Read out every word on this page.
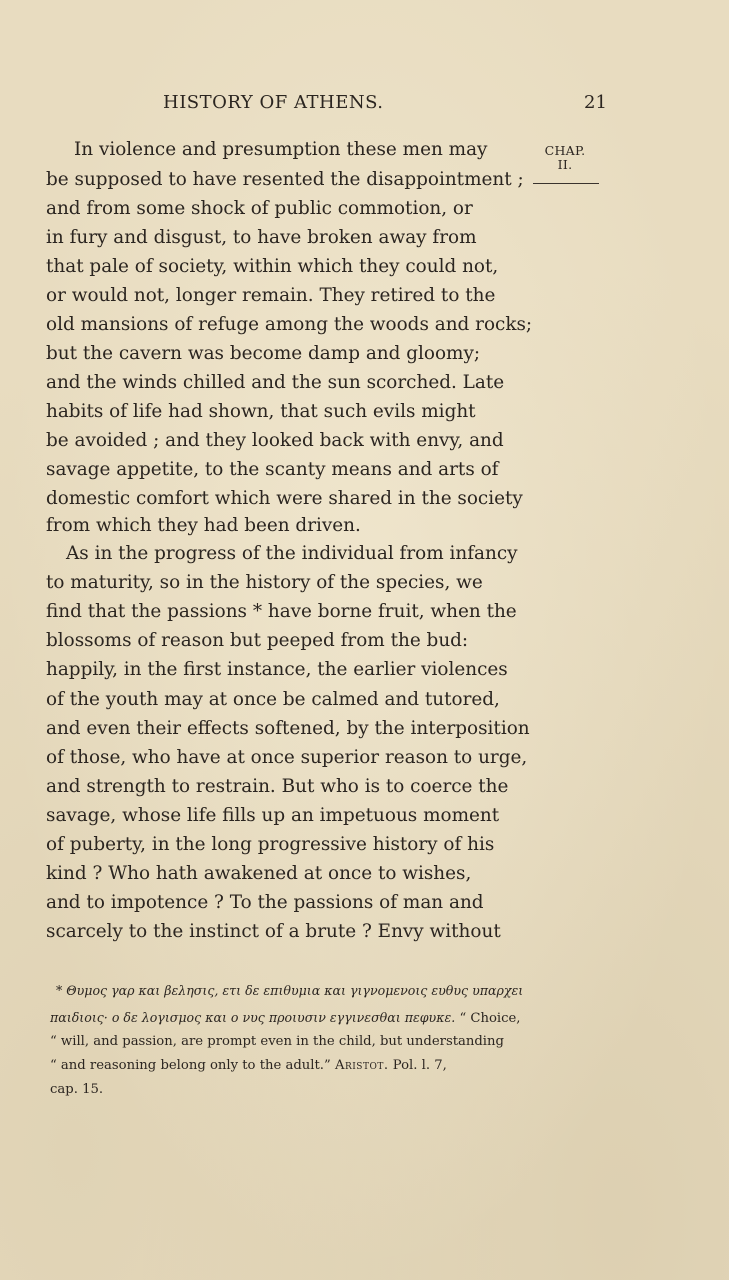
HISTORY OF ATHENS.	21
CHAP.
II.
In violence and presumption these men may
be supposed to have resented the disappointment ;
and from some shock of public commotion, or
in fury and disgust, to have broken away from
that pale of society, within which they could not,
or would not, longer remain. They retired to the
old mansions of refuge among the woods and rocks;
but the cavern was become damp and gloomy;
and the winds chilled and the sun scorched. Late
habits of life had shown, that such evils might
be avoided ; and they looked back with envy, and
savage appetite, to the scanty means and arts of
domestic comfort which were shared in the society
from which they had been driven.
As in the progress of the individual from infancy
to maturity, so in the history of the species, we
find that the passions * have borne fruit, when the
blossoms of reason but peeped from the bud:
happily, in the first instance, the earlier violences
of the youth may at once be calmed and tutored,
and even their effects softened, by the interposition
of those, who have at once superior reason to urge,
and strength to restrain. But who is to coerce the
savage, whose life fills up an impetuous moment
of puberty, in the long progressive history of his
kind ? Who hath awakened at once to wishes,
and to impotence ? To the passions of man and
scarcely to the instinct of a brute ? Envy without
* Θυμος γαρ και βελησις, ετι δε επιθυμια και γιγνομενοις ευθυς υπαρχει
παιδιοις· ο δε λογισμος και ο νυς προιυσιν εγγινεσθαι πεφυκε. “ Choice,
“ will, and passion, are prompt even in the child, but understanding
“ and reasoning belong only to the adult.” Aristot. Pol. l. 7,
cap. 15.
